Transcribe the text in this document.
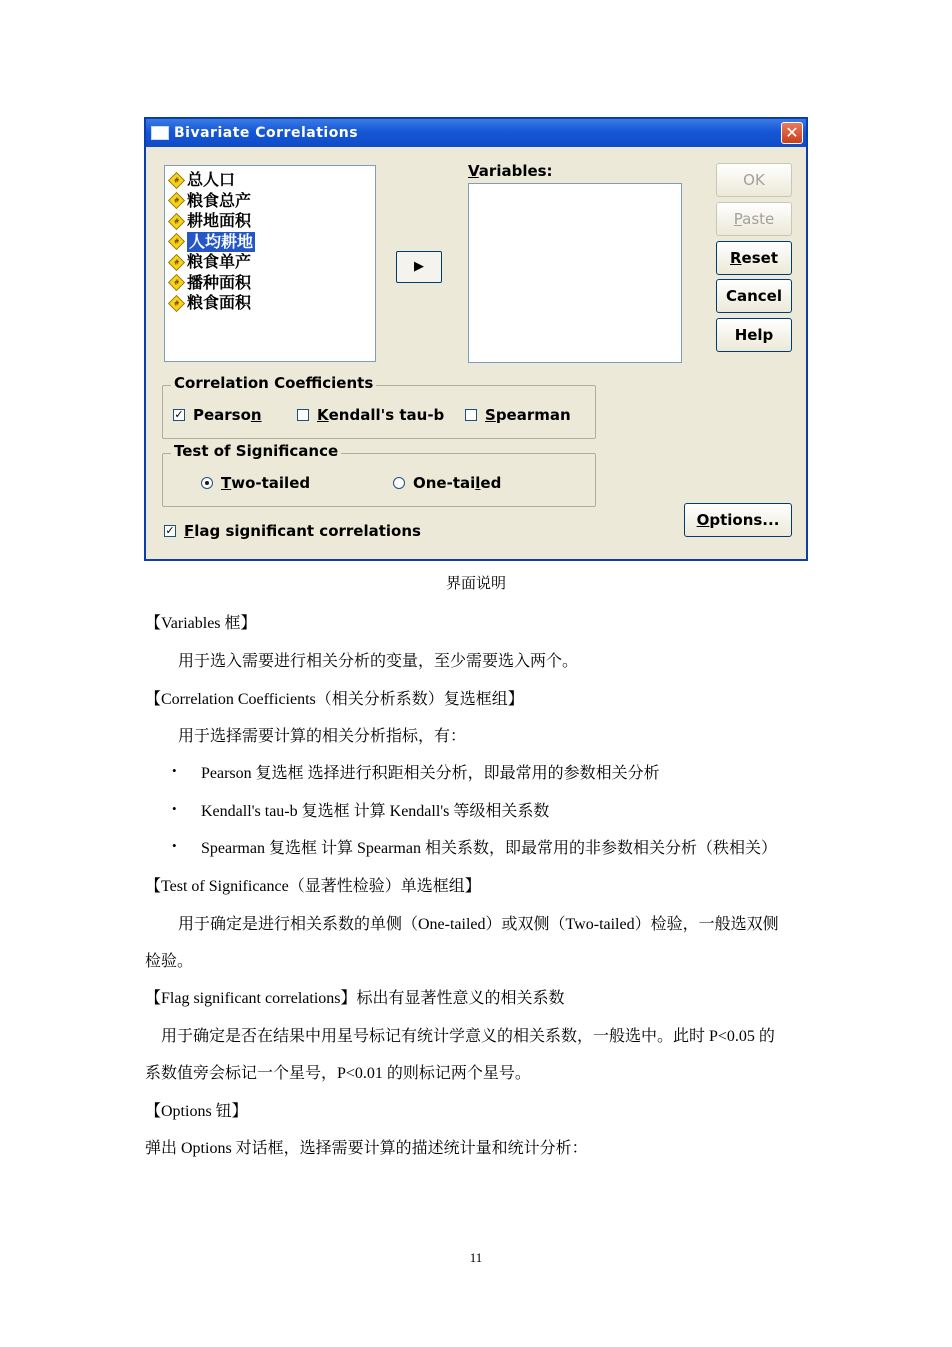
Bivariate Correlations	✕
# 总人口
# 粮食总产
# 耕地面积
# 人均耕地
# 粮食单产
# 播种面积
# 粮食面积
▶
Variables:	OK
Paste
Reset
Cancel
Help
Correlation Coefficients
✓ Pearso n	K endall's tau-b	S pearman
Test of Significance
T wo-tailed	One-tai l ed
✓ F lag significant correlations
Options...
界面说明
【Variables 框】
用于选入需要进行相关分析的变量，至少需要选入两个。
【Correlation Coefficients（相关分析系数）复选框组】
用于选择需要计算的相关分析指标，有：
• Pearson 复选框 选择进行积距相关分析，即最常用的参数相关分析
• Kendall's tau-b 复选框 计算 Kendall's 等级相关系数
• Spearman 复选框 计算 Spearman 相关系数，即最常用的非参数相关分析（秩相关）
【Test of Significance（显著性检验）单选框组】
用于确定是进行相关系数的单侧（One-tailed）或双侧（Two-tailed）检验，一般选双侧
检验。
【Flag significant correlations】标出有显著性意义的相关系数
用于确定是否在结果中用星号标记有统计学意义的相关系数，一般选中。此时 P<0.05 的
系数值旁会标记一个星号，P<0.01 的则标记两个星号。
【Options 钮】
弹出 Options 对话框，选择需要计算的描述统计量和统计分析：
11
